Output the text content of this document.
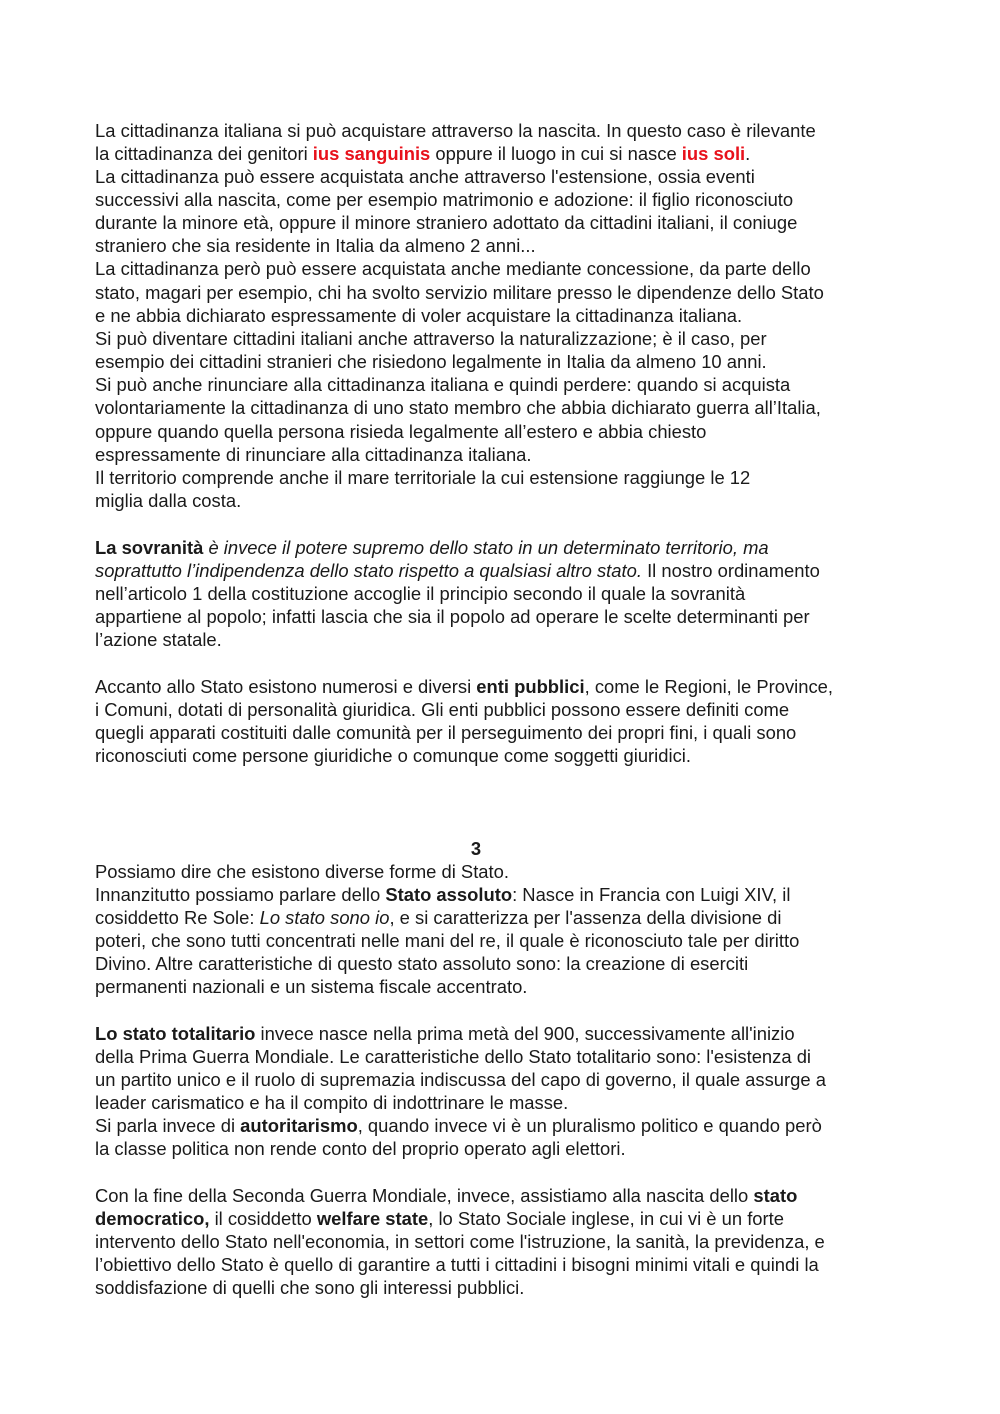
La cittadinanza italiana si può acquistare attraverso la nascita. In questo caso è rilevante
la cittadinanza dei genitori ius sanguinis oppure il luogo in cui si nasce ius soli.
La cittadinanza può essere acquistata anche attraverso l'estensione, ossia eventi
successivi alla nascita, come per esempio matrimonio e adozione: il figlio riconosciuto
durante la minore età, oppure il minore straniero adottato da cittadini italiani, il coniuge
straniero che sia residente in Italia da almeno 2 anni...
La cittadinanza però può essere acquistata anche mediante concessione, da parte dello
stato, magari per esempio, chi ha svolto servizio militare presso le dipendenze dello Stato
e ne abbia dichiarato espressamente di voler acquistare la cittadinanza italiana.
Si può diventare cittadini italiani anche attraverso la naturalizzazione; è il caso, per
esempio dei cittadini stranieri che risiedono legalmente in Italia da almeno 10 anni.
Si può anche rinunciare alla cittadinanza italiana e quindi perdere: quando si acquista
volontariamente la cittadinanza di uno stato membro che abbia dichiarato guerra all’Italia,
oppure quando quella persona risieda legalmente all’estero e abbia chiesto
espressamente di rinunciare alla cittadinanza italiana.
Il territorio comprende anche il mare territoriale la cui estensione raggiunge le 12
miglia dalla costa.
La sovranità è invece il potere supremo dello stato in un determinato territorio, ma
soprattutto l’indipendenza dello stato rispetto a qualsiasi altro stato. Il nostro ordinamento
nell’articolo 1 della costituzione accoglie il principio secondo il quale la sovranità
appartiene al popolo; infatti lascia che sia il popolo ad operare le scelte determinanti per
l’azione statale.
Accanto allo Stato esistono numerosi e diversi enti pubblici, come le Regioni, le Province,
i Comuni, dotati di personalità giuridica. Gli enti pubblici possono essere definiti come
quegli apparati costituiti dalle comunità per il perseguimento dei propri fini, i quali sono
riconosciuti come persone giuridiche o comunque come soggetti giuridici.
3
Possiamo dire che esistono diverse forme di Stato.
Innanzitutto possiamo parlare dello Stato assoluto: Nasce in Francia con Luigi XIV, il
cosiddetto Re Sole: Lo stato sono io, e si caratterizza per l'assenza della divisione di
poteri, che sono tutti concentrati nelle mani del re, il quale è riconosciuto tale per diritto
Divino. Altre caratteristiche di questo stato assoluto sono: la creazione di eserciti
permanenti nazionali e un sistema fiscale accentrato.
Lo stato totalitario invece nasce nella prima metà del 900, successivamente all'inizio
della Prima Guerra Mondiale. Le caratteristiche dello Stato totalitario sono: l'esistenza di
un partito unico e il ruolo di supremazia indiscussa del capo di governo, il quale assurge a
leader carismatico e ha il compito di indottrinare le masse.
Si parla invece di autoritarismo, quando invece vi è un pluralismo politico e quando però
la classe politica non rende conto del proprio operato agli elettori.
Con la fine della Seconda Guerra Mondiale, invece, assistiamo alla nascita dello stato
democratico, il cosiddetto welfare state, lo Stato Sociale inglese, in cui vi è un forte
intervento dello Stato nell'economia, in settori come l'istruzione, la sanità, la previdenza, e
l’obiettivo dello Stato è quello di garantire a tutti i cittadini i bisogni minimi vitali e quindi la
soddisfazione di quelli che sono gli interessi pubblici.
